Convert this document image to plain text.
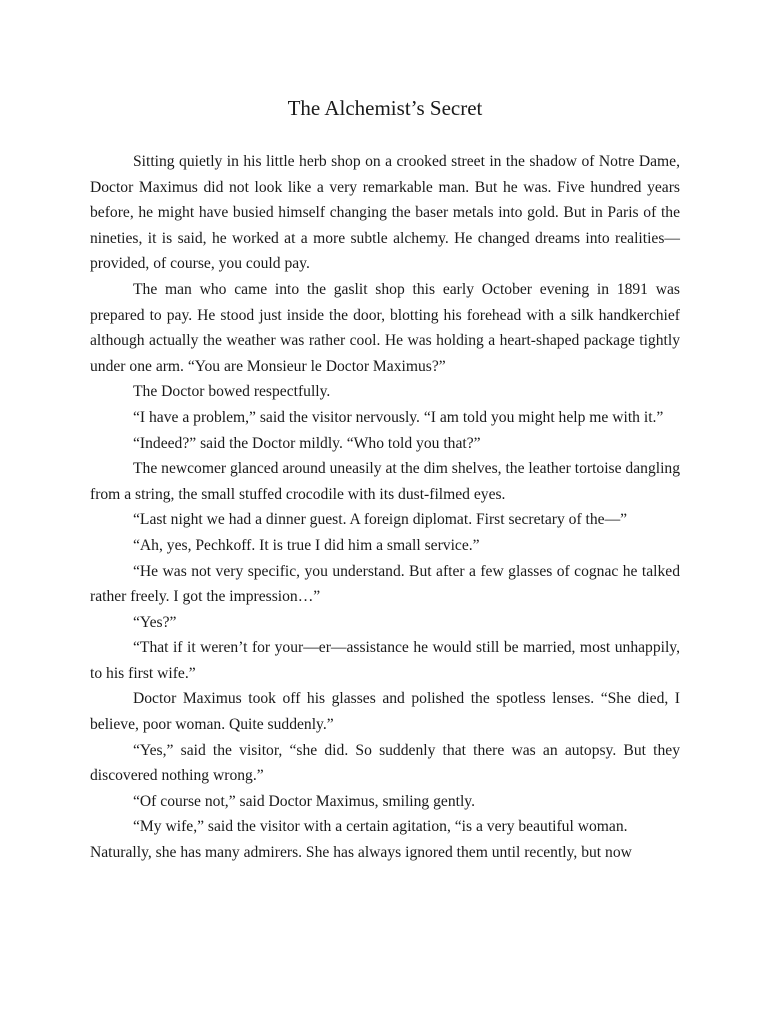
The Alchemist’s Secret

Sitting quietly in his little herb shop on a crooked street in the shadow of Notre Dame, Doctor Maximus did not look like a very remarkable man. But he was. Five hundred years before, he might have busied himself changing the baser metals into gold. But in Paris of the nineties, it is said, he worked at a more subtle alchemy. He changed dreams into realities—provided, of course, you could pay.

The man who came into the gaslit shop this early October evening in 1891 was prepared to pay. He stood just inside the door, blotting his forehead with a silk handkerchief although actually the weather was rather cool. He was holding a heart-shaped package tightly under one arm. “You are Monsieur le Doctor Maximus?”

The Doctor bowed respectfully.

“I have a problem,” said the visitor nervously. “I am told you might help me with it.”

“Indeed?” said the Doctor mildly. “Who told you that?”

The newcomer glanced around uneasily at the dim shelves, the leather tortoise dangling from a string, the small stuffed crocodile with its dust-filmed eyes.

“Last night we had a dinner guest. A foreign diplomat. First secretary of the—”

“Ah, yes, Pechkoff. It is true I did him a small service.”

“He was not very specific, you understand. But after a few glasses of cognac he talked rather freely. I got the impression…”

“Yes?”

“That if it weren’t for your—er—assistance he would still be married, most unhappily, to his first wife.”

Doctor Maximus took off his glasses and polished the spotless lenses. “She died, I believe, poor woman. Quite suddenly.”

“Yes,” said the visitor, “she did. So suddenly that there was an autopsy. But they discovered nothing wrong.”

“Of course not,” said Doctor Maximus, smiling gently.

“My wife,” said the visitor with a certain agitation, “is a very beautiful woman. Naturally, she has many admirers. She has always ignored them until recently, but now
